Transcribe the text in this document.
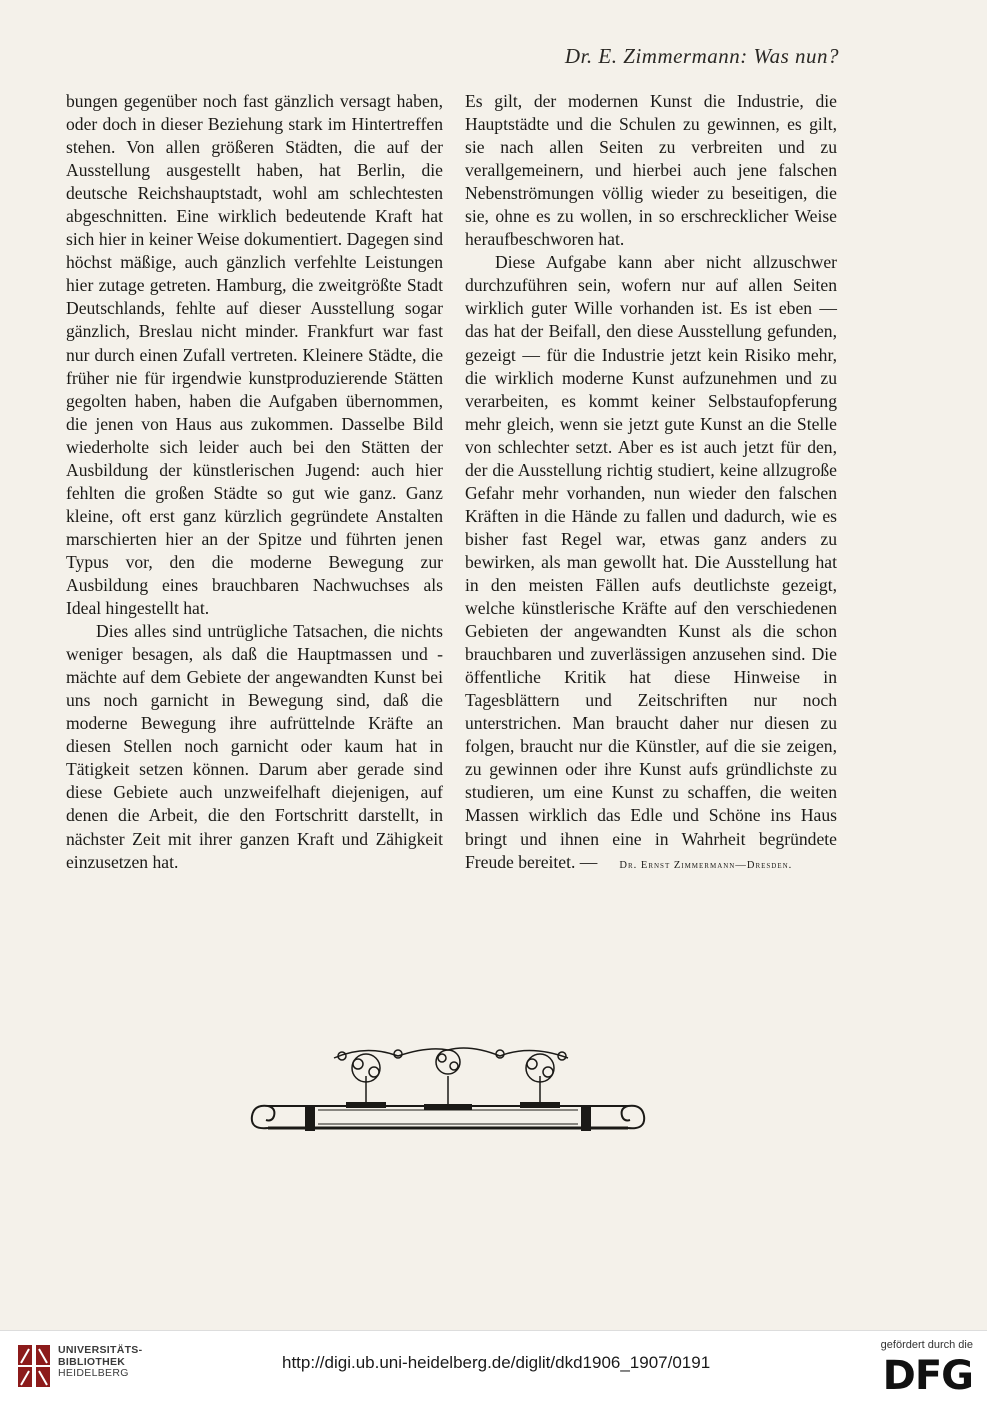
Dr. E. Zimmermann: Was nun?

bungen gegenüber noch fast gänzlich versagt haben, oder doch in dieser Beziehung stark im Hintertreffen stehen. Von allen größeren Städten, die auf der Ausstellung ausgestellt haben, hat Berlin, die deutsche Reichshauptstadt, wohl am schlechtesten abgeschnitten. Eine wirklich bedeutende Kraft hat sich hier in keiner Weise dokumentiert. Dagegen sind höchst mäßige, auch gänzlich verfehlte Leistungen hier zutage getreten. Hamburg, die zweitgrößte Stadt Deutschlands, fehlte auf dieser Ausstellung sogar gänzlich, Breslau nicht minder. Frankfurt war fast nur durch einen Zufall vertreten. Kleinere Städte, die früher nie für irgendwie kunstproduzierende Stätten gegolten haben, haben die Aufgaben übernommen, die jenen von Haus aus zukommen. Dasselbe Bild wiederholte sich leider auch bei den Stätten der Ausbildung der künstlerischen Jugend: auch hier fehlten die großen Städte so gut wie ganz. Ganz kleine, oft erst ganz kürzlich gegründete Anstalten marschierten hier an der Spitze und führten jenen Typus vor, den die moderne Bewegung zur Ausbildung eines brauchbaren Nachwuchses als Ideal hingestellt hat.

Dies alles sind untrügliche Tatsachen, die nichts weniger besagen, als daß die Hauptmassen und -mächte auf dem Gebiete der angewandten Kunst bei uns noch garnicht in Bewegung sind, daß die moderne Bewegung ihre aufrüttelnde Kräfte an diesen Stellen noch garnicht oder kaum hat in Tätigkeit setzen können. Darum aber gerade sind diese Gebiete auch unzweifelhaft diejenigen, auf denen die Arbeit, die den Fortschritt darstellt, in nächster Zeit mit ihrer ganzen Kraft und Zähigkeit einzusetzen hat.

Es gilt, der modernen Kunst die Industrie, die Hauptstädte und die Schulen zu gewinnen, es gilt, sie nach allen Seiten zu verbreiten und zu verallgemeinern, und hierbei auch jene falschen Nebenströmungen völlig wieder zu beseitigen, die sie, ohne es zu wollen, in so erschrecklicher Weise heraufbeschworen hat.

Diese Aufgabe kann aber nicht allzuschwer durchzuführen sein, wofern nur auf allen Seiten wirklich guter Wille vorhanden ist. Es ist eben — das hat der Beifall, den diese Ausstellung gefunden, gezeigt — für die Industrie jetzt kein Risiko mehr, die wirklich moderne Kunst aufzunehmen und zu verarbeiten, es kommt keiner Selbstaufopferung mehr gleich, wenn sie jetzt gute Kunst an die Stelle von schlechter setzt. Aber es ist auch jetzt für den, der die Ausstellung richtig studiert, keine allzugroße Gefahr mehr vorhanden, nun wieder den falschen Kräften in die Hände zu fallen und dadurch, wie es bisher fast Regel war, etwas ganz anders zu bewirken, als man gewollt hat. Die Ausstellung hat in den meisten Fällen aufs deutlichste gezeigt, welche künstlerische Kräfte auf den verschiedenen Gebieten der angewandten Kunst als die schon brauchbaren und zuverlässigen anzusehen sind. Die öffentliche Kritik hat diese Hinweise in Tagesblättern und Zeitschriften nur noch unterstrichen. Man braucht daher nur diesen zu folgen, braucht nur die Künstler, auf die sie zeigen, zu gewinnen oder ihre Kunst aufs gründlichste zu studieren, um eine Kunst zu schaffen, die weiten Massen wirklich das Edle und Schöne ins Haus bringt und ihnen eine in Wahrheit begründete Freude bereitet. — Dr. Ernst Zimmermann—Dresden.

UNIVERSITÄTS-
BIBLIOTHEK
HEIDELBERG
http://digi.ub.uni-heidelberg.de/diglit/dkd1906_1907/0191
gefördert durch die
DFG
